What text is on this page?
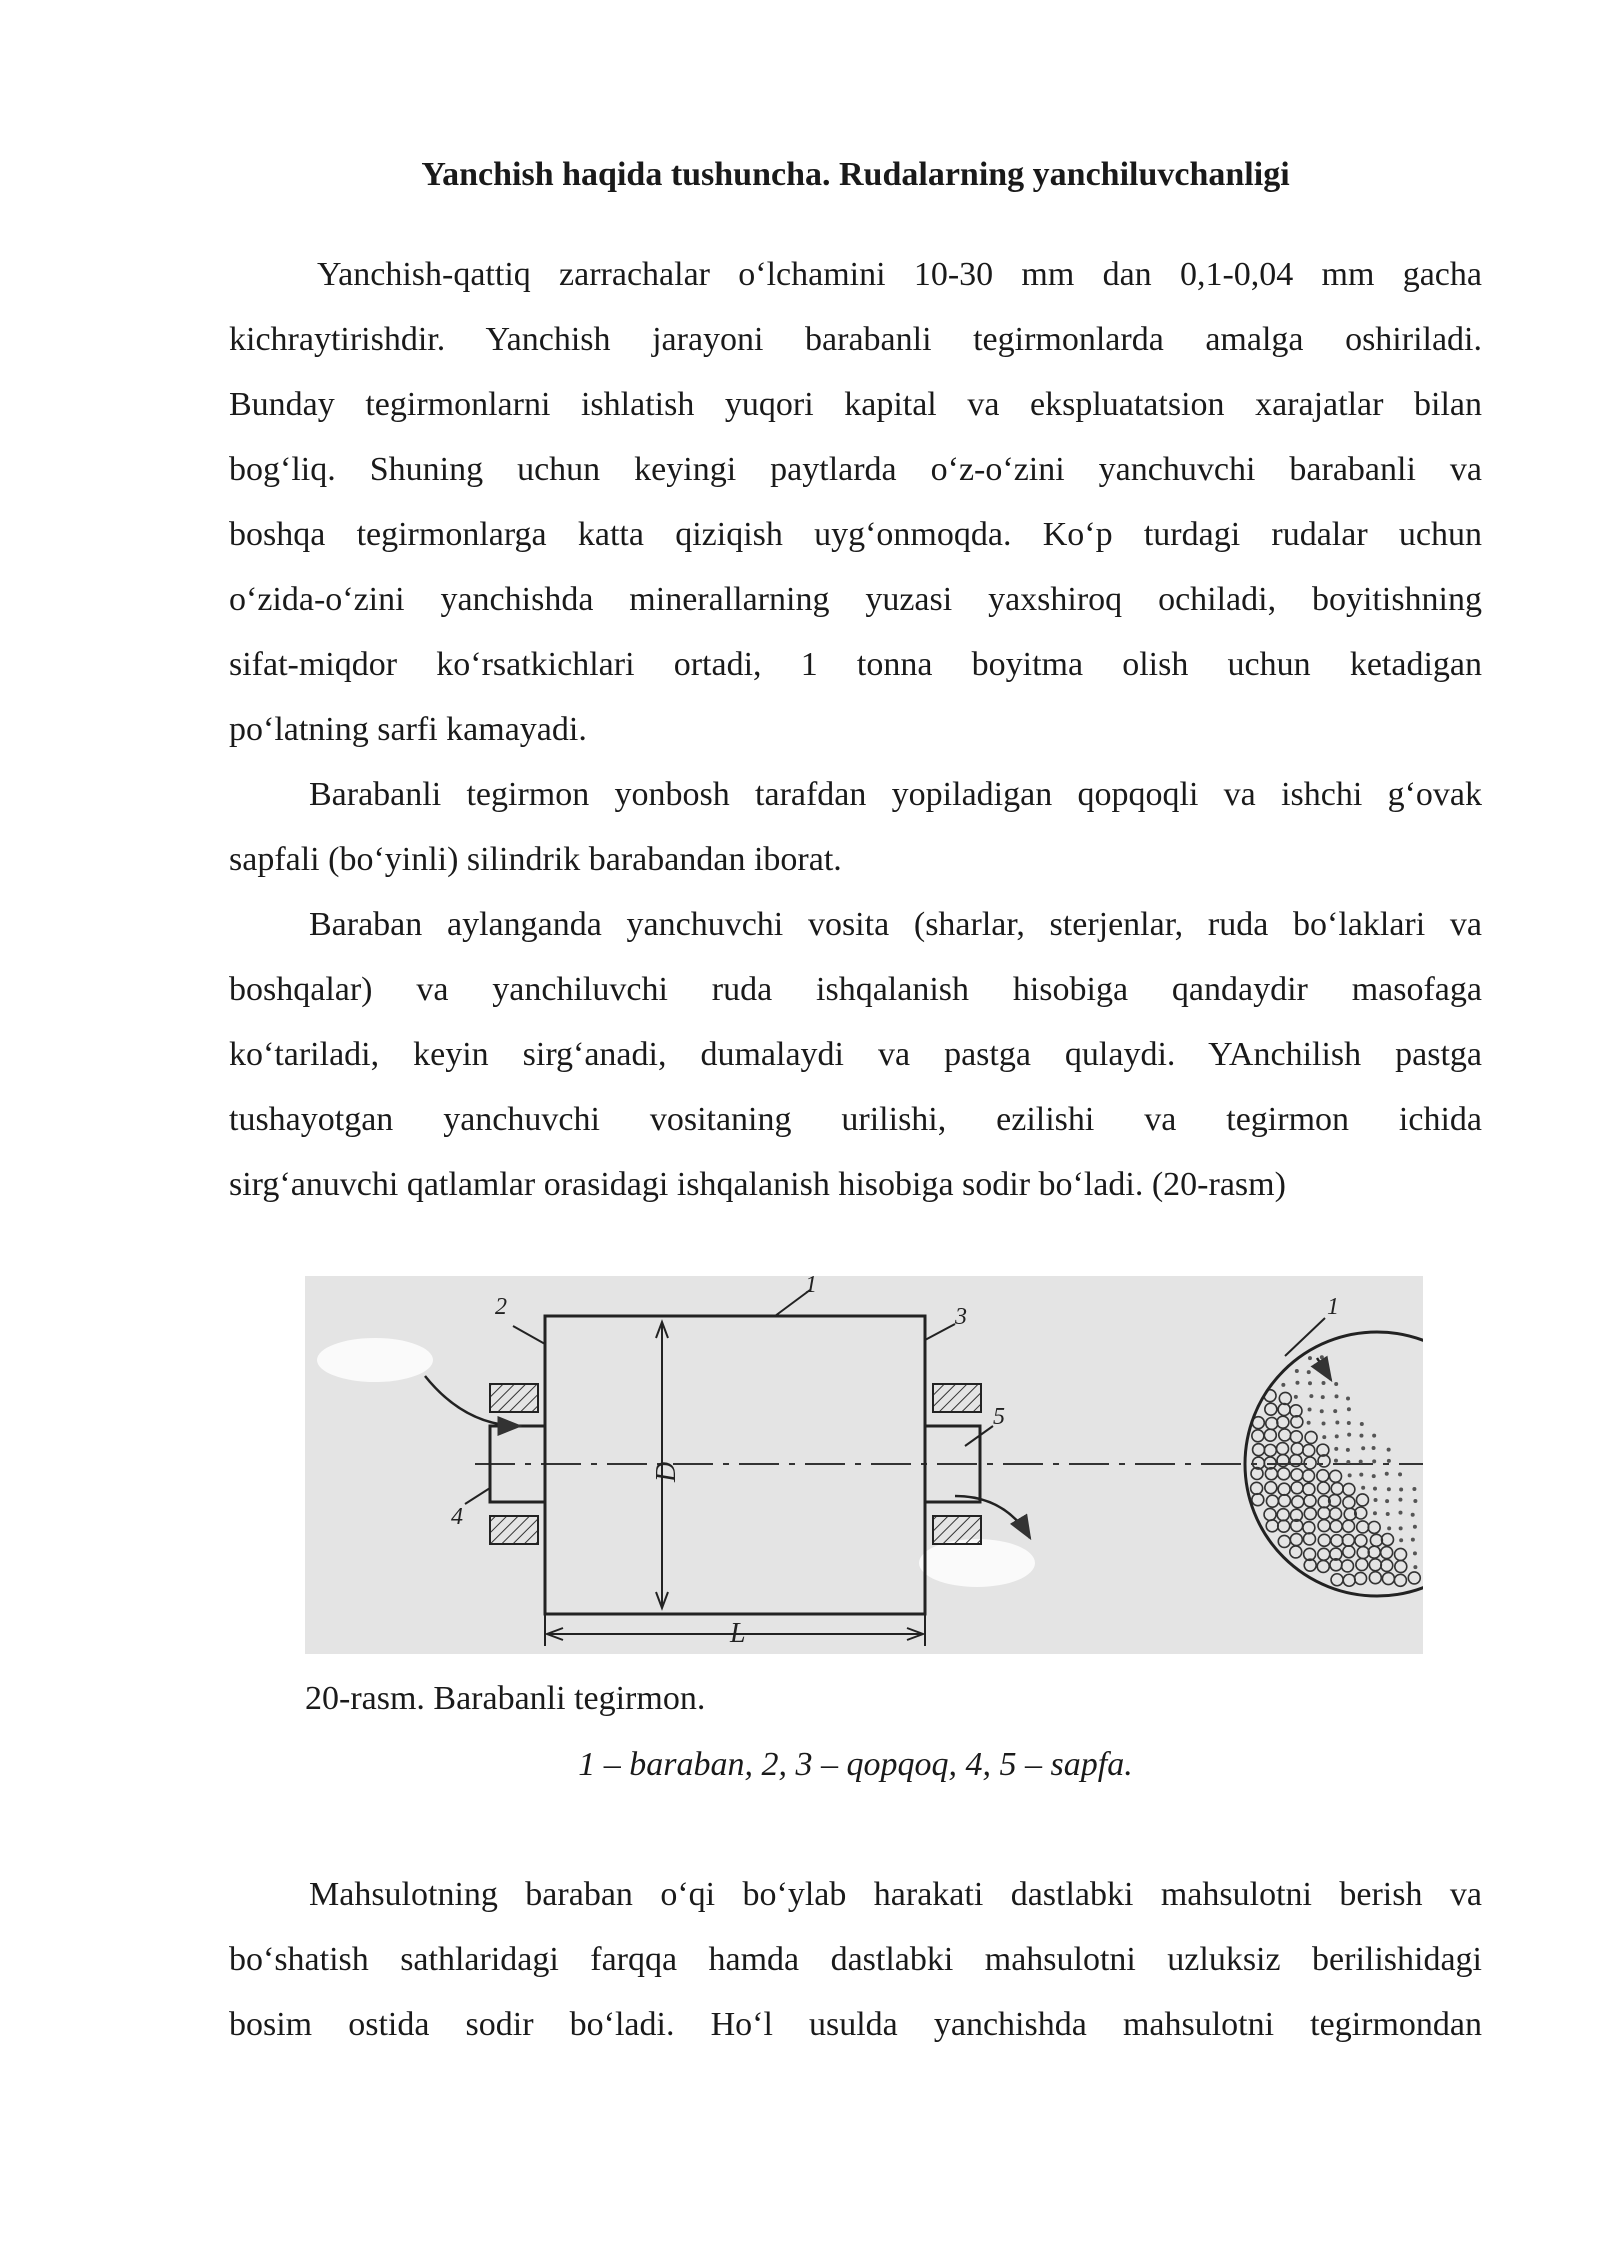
Yanchish haqida tushuncha. Rudalarning yanchiluvchanligi

Yanchish-qattiq zarrachalar o‘lchamini 10-30 mm dan 0,1-0,04 mm gacha
kichraytirishdir. Yanchish jarayoni barabanli tegirmonlarda amalga oshiriladi.
Bunday tegirmonlarni ishlatish yuqori kapital va ekspluatatsion xarajatlar bilan
bog‘liq. Shuning uchun keyingi paytlarda o‘z-o‘zini yanchuvchi barabanli va
boshqa tegirmonlarga katta qiziqish uyg‘onmoqda. Ko‘p turdagi rudalar uchun
o‘zida-o‘zini yanchishda minerallarning yuzasi yaxshiroq ochiladi, boyitishning
sifat-miqdor ko‘rsatkichlari ortadi, 1 tonna boyitma olish uchun ketadigan
po‘latning sarfi kamayadi.

Barabanli tegirmon yonbosh tarafdan yopiladigan qopqoqli va ishchi g‘ovak
sapfali (bo‘yinli) silindrik barabandan iborat.

Baraban aylanganda yanchuvchi vosita (sharlar, sterjenlar, ruda bo‘laklari va
boshqalar) va yanchiluvchi ruda ishqalanish hisobiga qandaydir masofaga
ko‘tariladi, keyin sirg‘anadi, dumalaydi va pastga qulaydi. YAnchilish pastga
tushayotgan yanchuvchi vositaning urilishi, ezilishi va tegirmon ichida
sirg‘anuvchi qatlamlar orasidagi ishqalanish hisobiga sodir bo‘ladi. (20-rasm)

D
L
1
2	3
4
5
1
20-rasm. Barabanli tegirmon.
1 – baraban, 2, 3 – qopqoq, 4, 5 – sapfa.

Mahsulotning baraban o‘qi bo‘ylab harakati dastlabki mahsulotni berish va
bo‘shatish sathlaridagi farqqa hamda dastlabki mahsulotni uzluksiz berilishidagi
bosim ostida sodir bo‘ladi. Ho‘l usulda yanchishda mahsulotni tegirmondan
